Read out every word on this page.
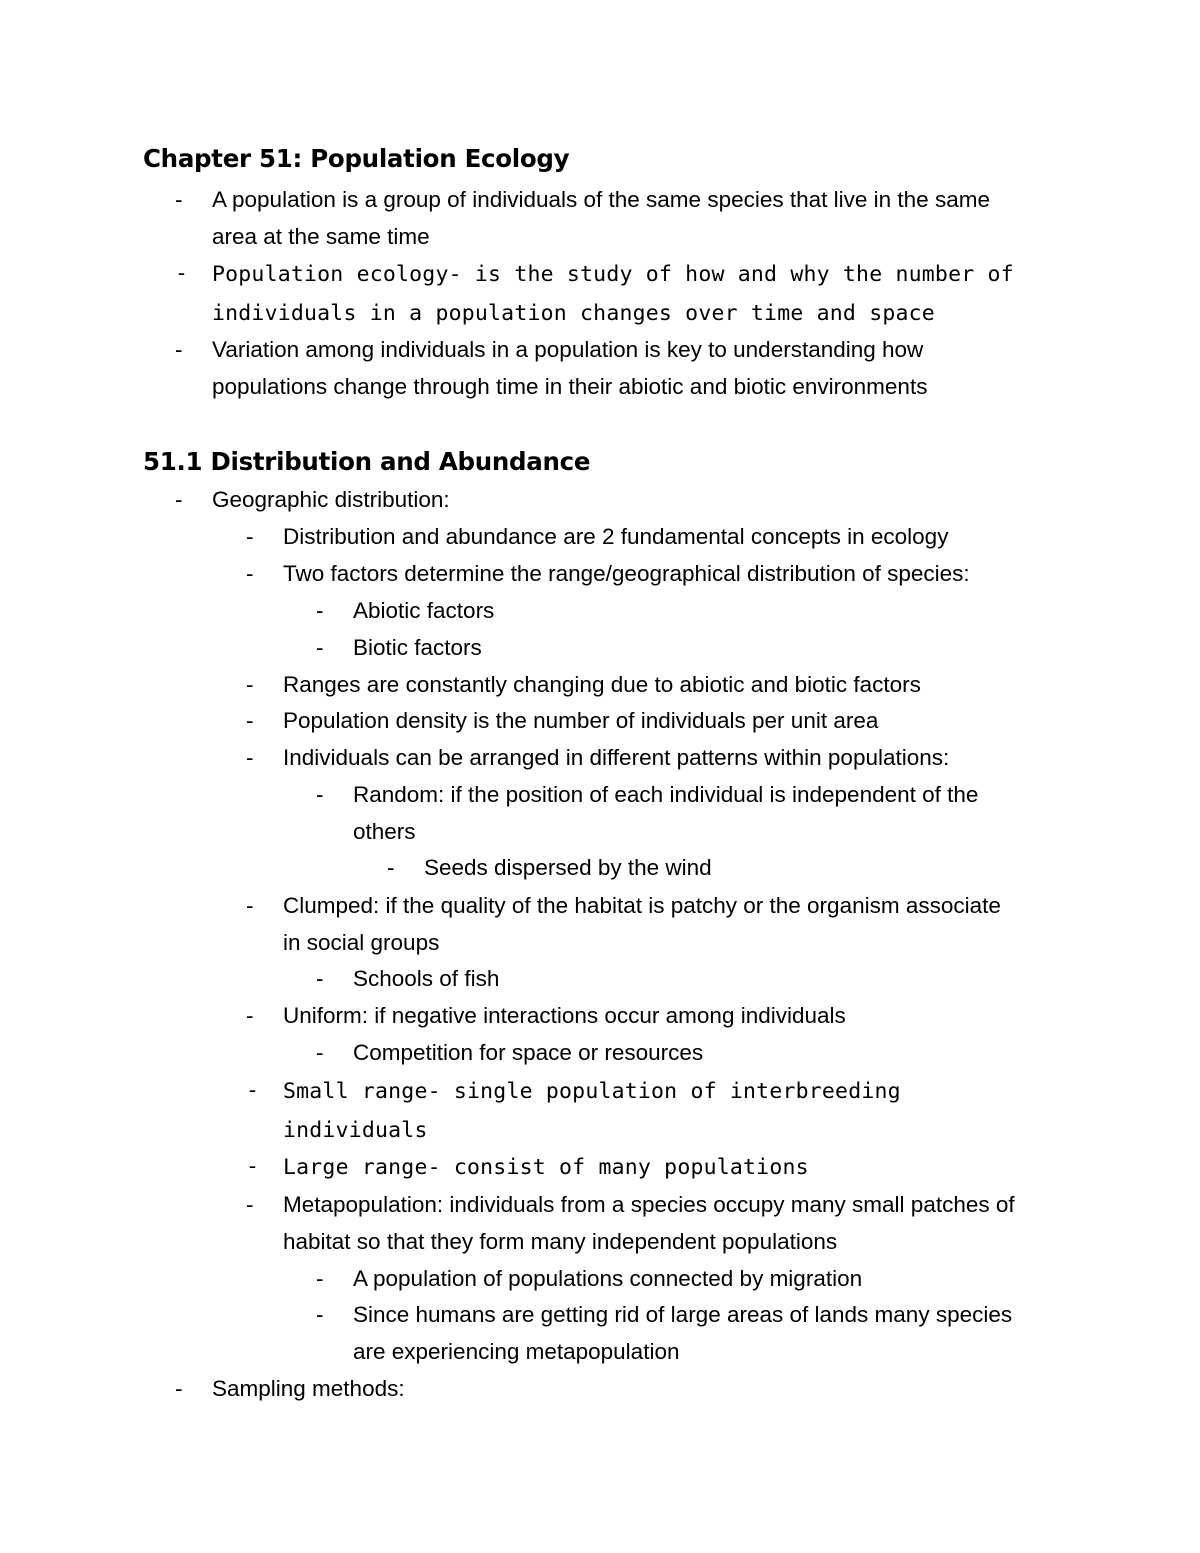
Chapter 51: Population Ecology
51.1 Distribution and Abundance
-	A population is a group of individuals of the same species that live in the same
area at the same time
-	Population ecology- is the study of how and why the number of
individuals in a population changes over time and space
-	Variation among individuals in a population is key to understanding how
populations change through time in their abiotic and biotic environments
-	Geographic distribution:
-	Distribution and abundance are 2 fundamental concepts in ecology
-	Two factors determine the range/geographical distribution of species:
-	Abiotic factors
-	Biotic factors
-	Ranges are constantly changing due to abiotic and biotic factors
-	Population density is the number of individuals per unit area
-	Individuals can be arranged in different patterns within populations:
-	Random: if the position of each individual is independent of the
others
-	Seeds dispersed by the wind
-	Clumped: if the quality of the habitat is patchy or the organism associate
in social groups
-	Schools of fish
-	Uniform: if negative interactions occur among individuals
-	Competition for space or resources
-	Small range- single population of interbreeding
individuals
-	Large range- consist of many populations
-	Metapopulation: individuals from a species occupy many small patches of
habitat so that they form many independent populations
-	A population of populations connected by migration
-	Since humans are getting rid of large areas of lands many species
are experiencing metapopulation
-	Sampling methods:
